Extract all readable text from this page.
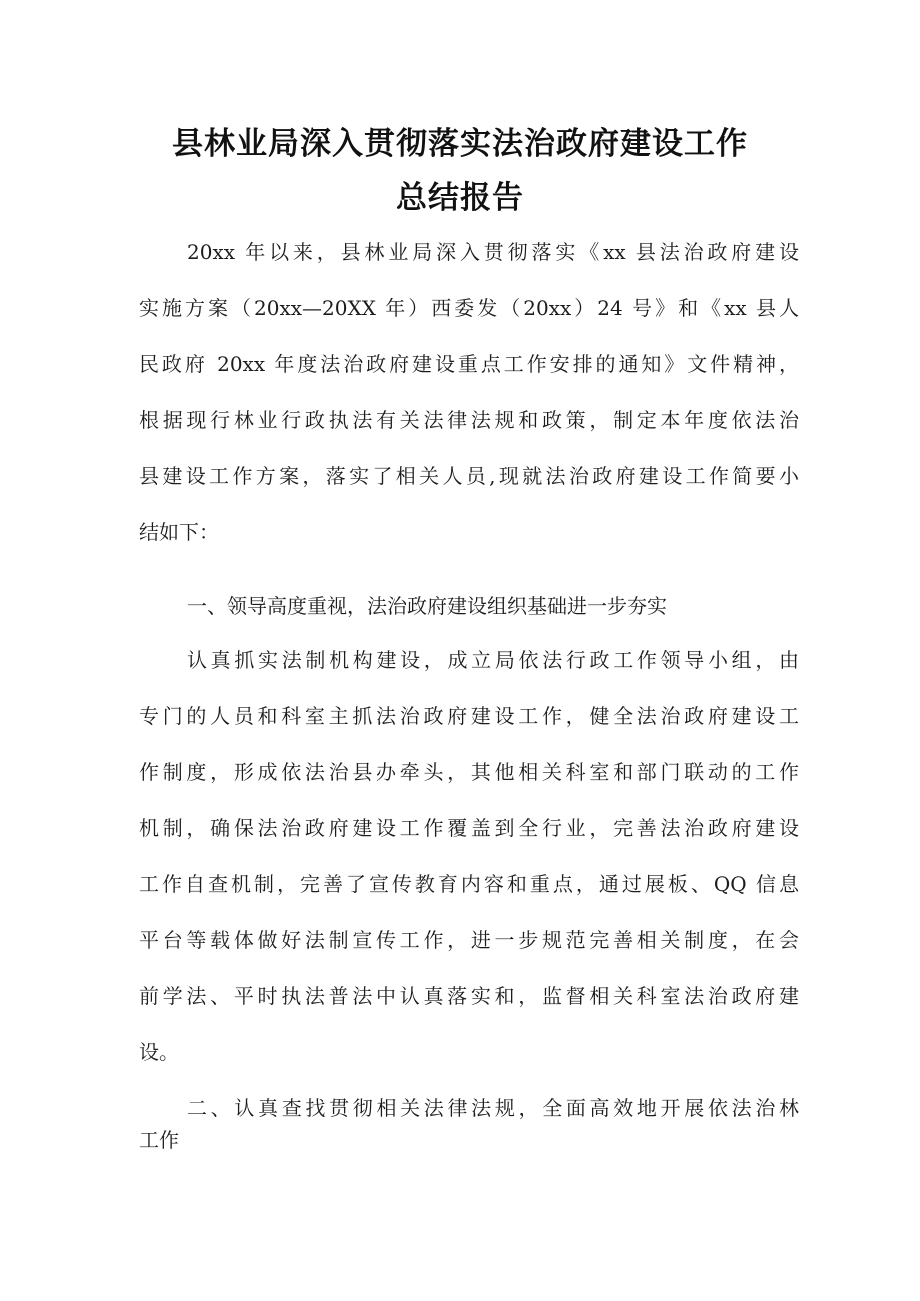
县林业局深入贯彻落实法治政府建设工作
总结报告
20xx 年以来，县林业局深入贯彻落实《xx 县法治政府建设
实施方案（20xx—20XX 年）西委发（20xx）24 号》和《xx 县人
民政府 20xx 年度法治政府建设重点工作安排的通知》文件精神，
根据现行林业行政执法有关法律法规和政策，制定本年度依法治
县建设工作方案，落实了相关人员,现就法治政府建设工作简要小
结如下：
一、领导高度重视，法治政府建设组织基础进一步夯实
认真抓实法制机构建设，成立局依法行政工作领导小组，由
专门的人员和科室主抓法治政府建设工作，健全法治政府建设工
作制度，形成依法治县办牵头，其他相关科室和部门联动的工作
机制，确保法治政府建设工作覆盖到全行业，完善法治政府建设
工作自查机制，完善了宣传教育内容和重点，通过展板、QQ 信息
平台等载体做好法制宣传工作，进一步规范完善相关制度，在会
前学法、平时执法普法中认真落实和，监督相关科室法治政府建
设。
二、认真查找贯彻相关法律法规，全面高效地开展依法治林
工作
